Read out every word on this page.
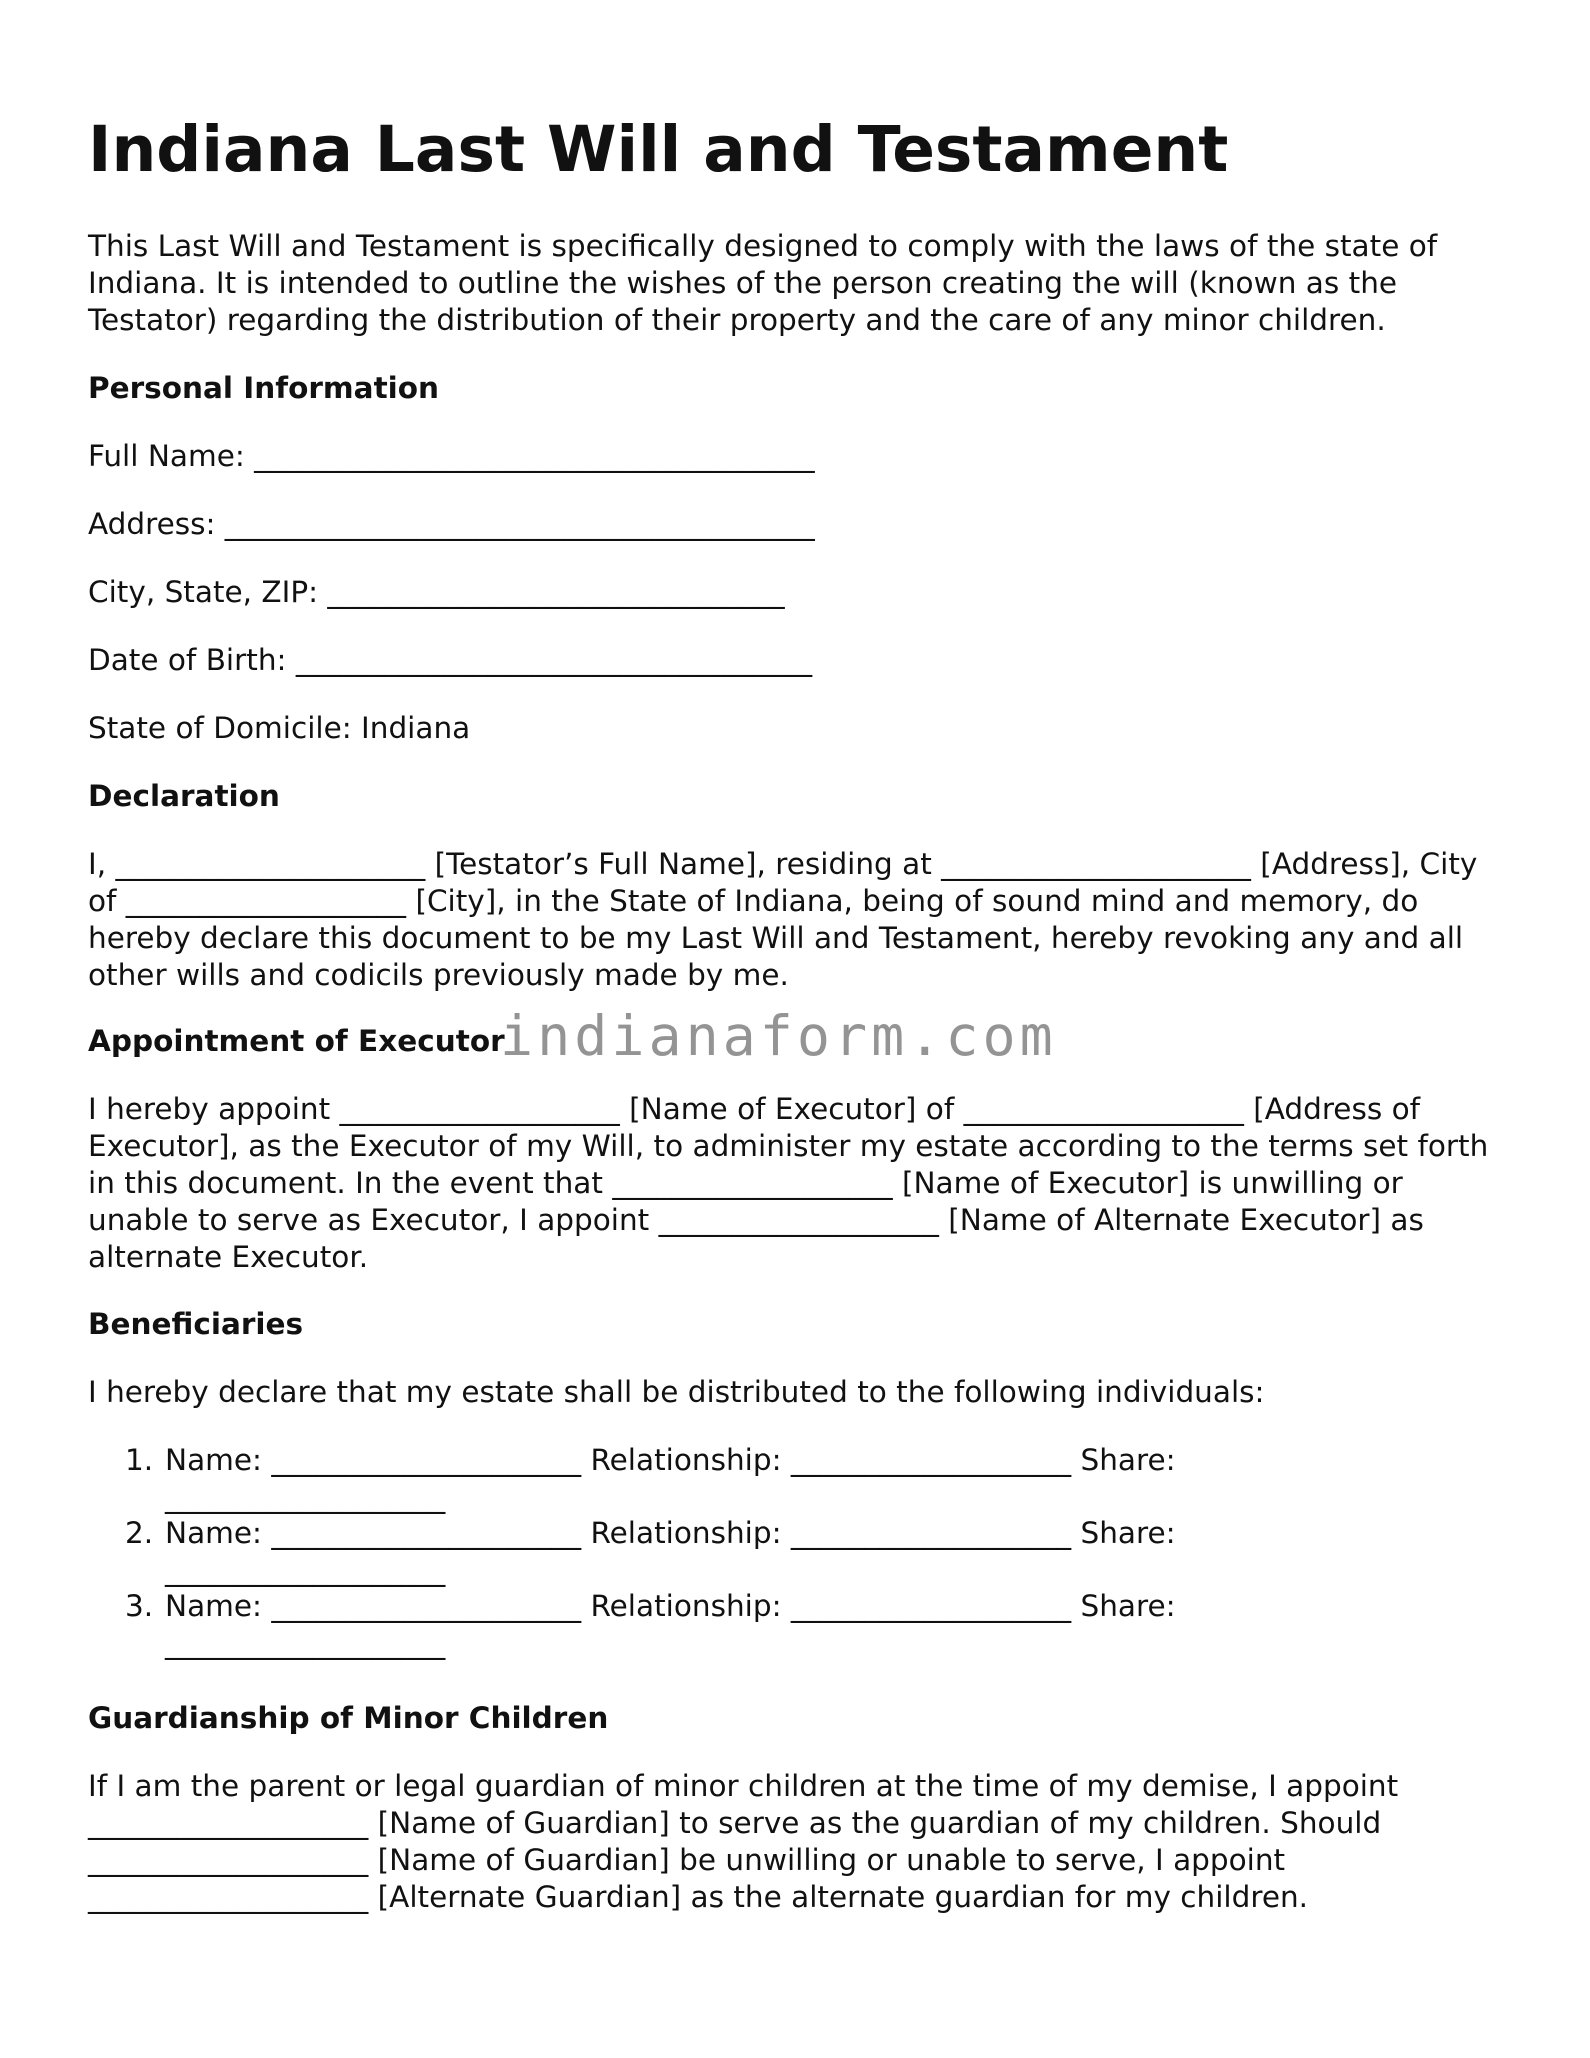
Indiana Last Will and Testament

This Last Will and Testament is specifically designed to comply with the laws of the state of Indiana. It is intended to outline the wishes of the person creating the will (known as the Testator) regarding the distribution of their property and the care of any minor children.

Personal Information
Full Name: ______________________________________
Address: ________________________________________
City, State, ZIP: _______________________________
Date of Birth: ___________________________________
State of Domicile: Indiana
Declaration

I, _____________________ [Testator’s Full Name], residing at _____________________ [Address], City of ___________________ [City], in the State of Indiana, being of sound mind and memory, do hereby declare this document to be my Last Will and Testament, hereby revoking any and all other wills and codicils previously made by me.

Appointment of Executor

I hereby appoint ___________________ [Name of Executor] of ___________________ [Address of Executor], as the Executor of my Will, to administer my estate according to the terms set forth in this document. In the event that ___________________ [Name of Executor] is unwilling or unable to serve as Executor, I appoint ___________________ [Name of Alternate Executor] as alternate Executor.

Beneficiaries
I hereby declare that my estate shall be distributed to the following individuals:
1. Name: _____________________ Relationship: ___________________ Share: ___________________
2. Name: _____________________ Relationship: ___________________ Share: ___________________
3. Name: _____________________ Relationship: ___________________ Share: ___________________
Guardianship of Minor Children

If I am the parent or legal guardian of minor children at the time of my demise, I appoint ___________________ [Name of Guardian] to serve as the guardian of my children. Should ___________________ [Name of Guardian] be unwilling or unable to serve, I appoint ___________________ [Alternate Guardian] as the alternate guardian for my children.

indianaform.com
